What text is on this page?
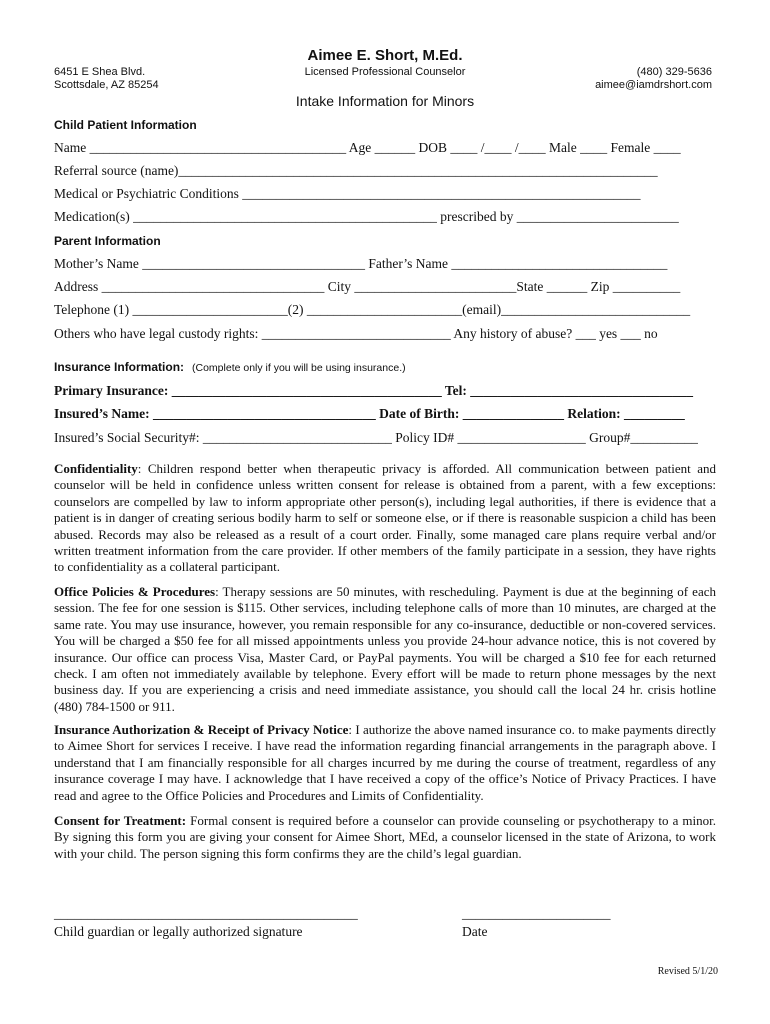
Aimee E. Short, M.Ed.
6451 E Shea Blvd.
Scottsdale, AZ 85254
Licensed Professional Counselor	(480) 329-5636
aimee@iamdrshort.com
Intake Information for Minors
Child Patient Information
Name ______________________________________ Age ______ DOB ____ /____ /____ Male ____ Female ____
Referral source (name)_______________________________________________________________________
Medical or Psychiatric Conditions ___________________________________________________________
Medication(s) _____________________________________________ prescribed by ________________________
Parent Information
Mother’s Name _________________________________ Father’s Name ________________________________
Address _________________________________ City ________________________State ______ Zip __________
Telephone (1) _______________________(2) _______________________(email)____________________________
Others who have legal custody rights: ____________________________ Any history of abuse? ___ yes ___ no
Insurance Information: (Complete only if you will be using insurance.)
Primary Insurance: ________________________________________ Tel: _________________________________
Insured’s Name: _________________________________ Date of Birth: _______________ Relation: _________
Insured’s Social Security#: ____________________________ Policy ID# ___________________ Group#__________

Confidentiality: Children respond better when therapeutic privacy is afforded. All communication between patient and counselor will be held in confidence unless written consent for release is obtained from a parent, with a few exceptions: counselors are compelled by law to inform appropriate other person(s), including legal authorities, if there is evidence that a patient is in danger of creating serious bodily harm to self or someone else, or if there is reasonable suspicion a child has been abused. Records may also be released as a result of a court order. Finally, some managed care plans require verbal and/or written treatment information from the care provider. If other members of the family participate in a session, they have rights to confidentiality as a collateral participant.

Office Policies & Procedures: Therapy sessions are 50 minutes, with rescheduling. Payment is due at the beginning of each session. The fee for one session is $115. Other services, including telephone calls of more than 10 minutes, are charged at the same rate. You may use insurance, however, you remain responsible for any co-insurance, deductible or non-covered services. You will be charged a $50 fee for all missed appointments unless you provide 24-hour advance notice, this is not covered by insurance. Our office can process Visa, Master Card, or PayPal payments. You will be charged a $10 fee for each returned check. I am often not immediately available by telephone. Every effort will be made to return phone messages by the next business day. If you are experiencing a crisis and need immediate assistance, you should call the local 24 hr. crisis hotline (480) 784-1500 or 911.

Insurance Authorization & Receipt of Privacy Notice: I authorize the above named insurance co. to make payments directly to Aimee Short for services I receive. I have read the information regarding financial arrangements in the paragraph above. I understand that I am financially responsible for all charges incurred by me during the course of treatment, regardless of any insurance coverage I may have. I acknowledge that I have received a copy of the office’s Notice of Privacy Practices. I have read and agree to the Office Policies and Procedures and Limits of Confidentiality.

Consent for Treatment: Formal consent is required before a counselor can provide counseling or psychotherapy to a minor. By signing this form you are giving your consent for Aimee Short, MEd, a counselor licensed in the state of Arizona, to work with your child. The person signing this form confirms they are the child’s legal guardian.

_____________________________________________
Child guardian or legally authorized signature
______________________
Date
Revised 5/1/20
